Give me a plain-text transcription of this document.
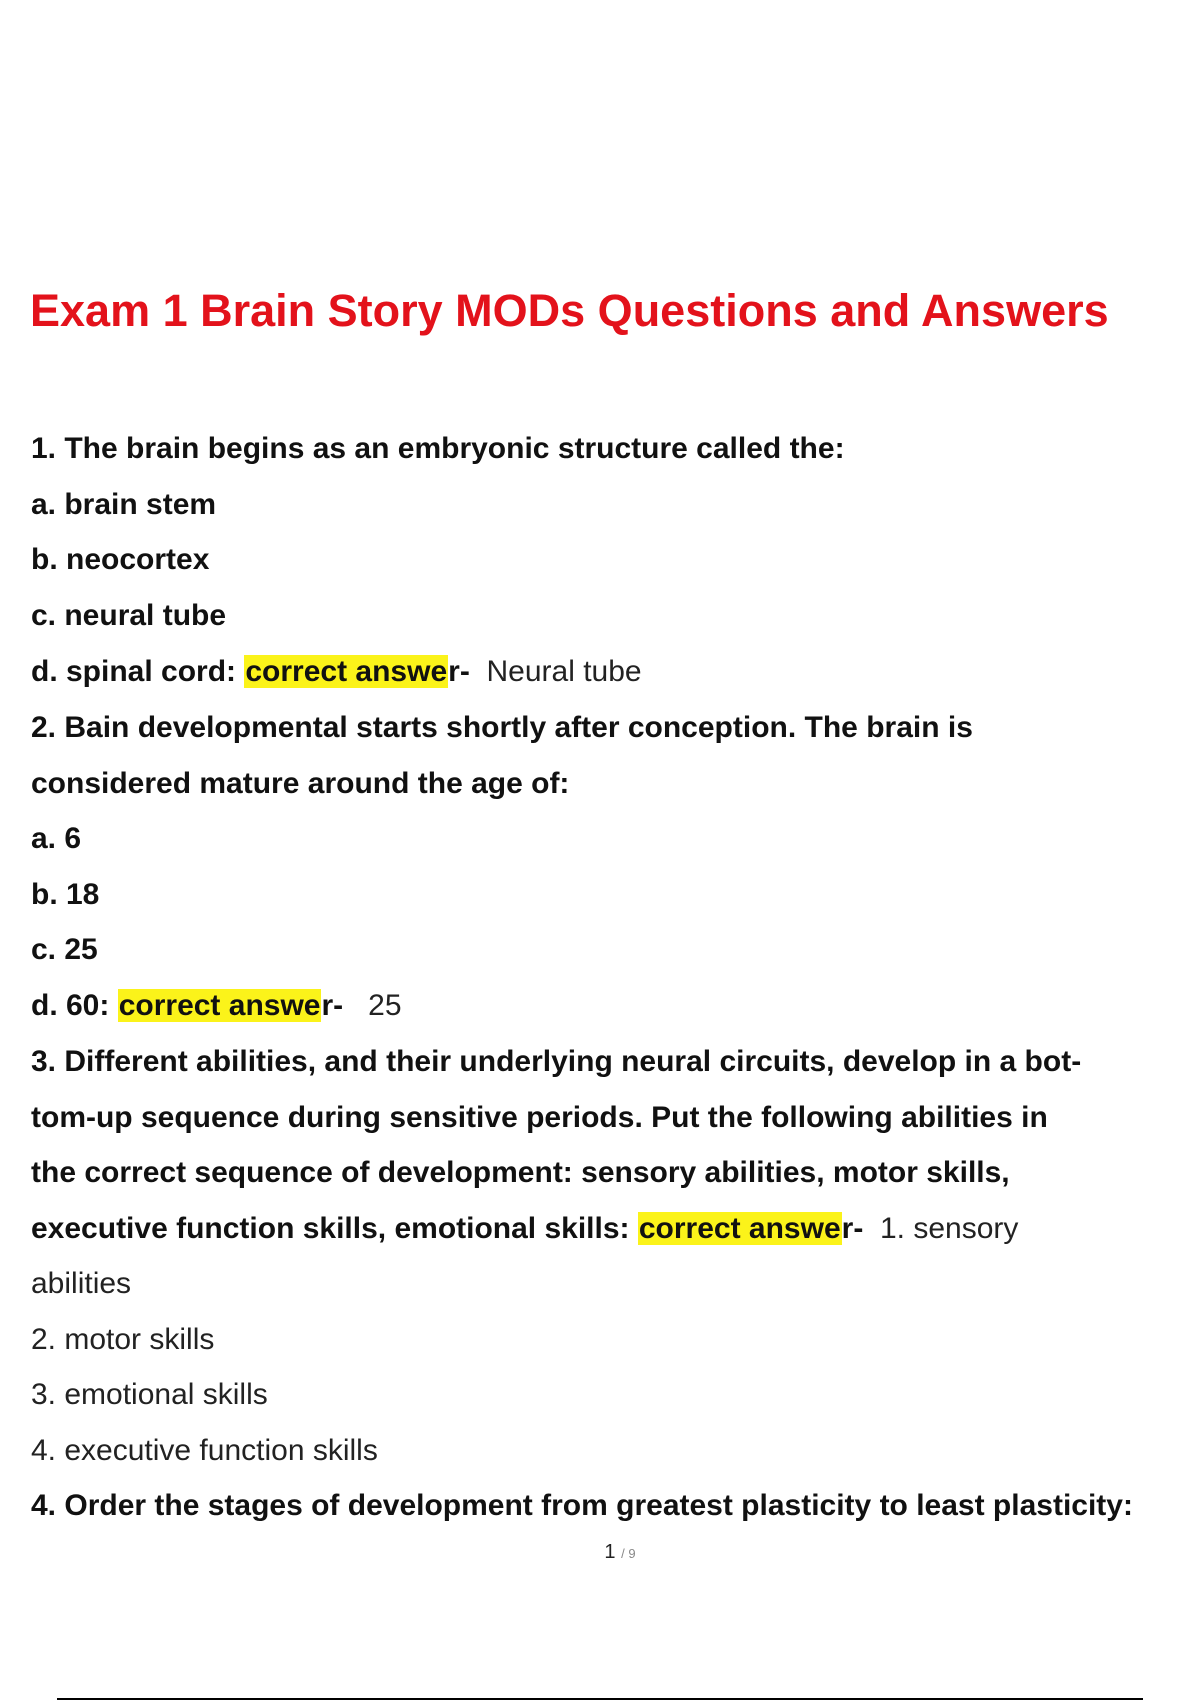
Exam 1 Brain Story MODs Questions and Answers

1. The brain begins as an embryonic structure called the:

a. brain stem

b. neocortex

c. neural tube

d. spinal cord: correct answer- Neural tube

2. Bain developmental starts shortly after conception. The brain is

considered mature around the age of:

a. 6

b. 18

c. 25

d. 60: correct answer- 25

3. Different abilities, and their underlying neural circuits, develop in a bot-

tom-up sequence during sensitive periods. Put the following abilities in

the correct sequence of development: sensory abilities, motor skills,

executive function skills, emotional skills: correct answer- 1. sensory

abilities

2. motor skills

3. emotional skills

4. executive function skills

4. Order the stages of development from greatest plasticity to least plasticity:

1 / 9
